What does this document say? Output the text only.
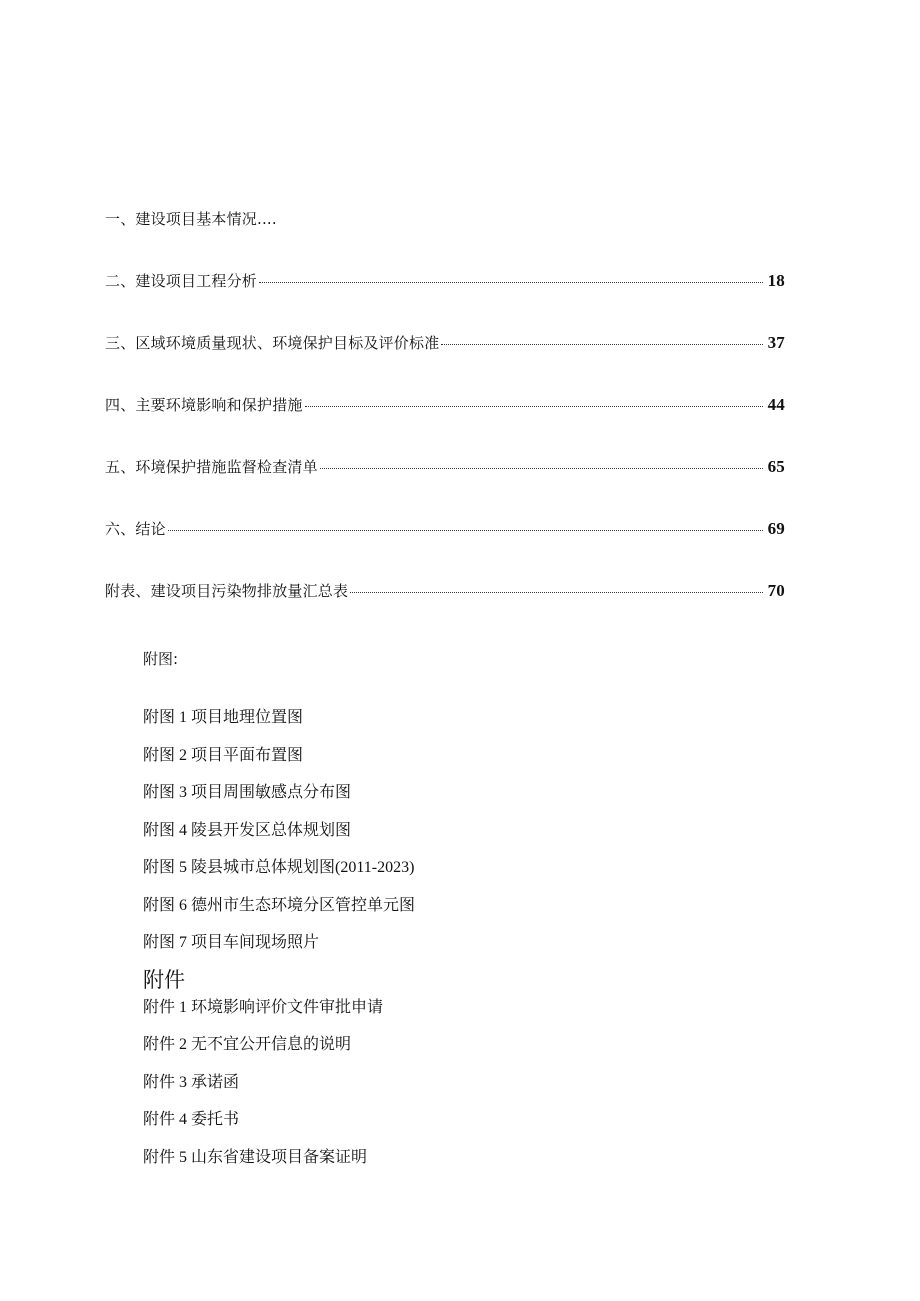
一、建设项目基本情况....
二、建设项目工程分析	18
三、区域环境质量现状、环境保护目标及评价标准	37
四、主要环境影响和保护措施	44
五、环境保护措施监督检查清单	65
六、结论	69
附表、建设项目污染物排放量汇总表	70
附图:
附图 1 项目地理位置图
附图 2 项目平面布置图
附图 3 项目周围敏感点分布图
附图 4 陵县开发区总体规划图
附图 5 陵县城市总体规划图(2011-2023)
附图 6 德州市生态环境分区管控单元图
附图 7 项目车间现场照片
附件
附件 1 环境影响评价文件审批申请
附件 2 无不宜公开信息的说明
附件 3 承诺函
附件 4 委托书
附件 5 山东省建设项目备案证明
